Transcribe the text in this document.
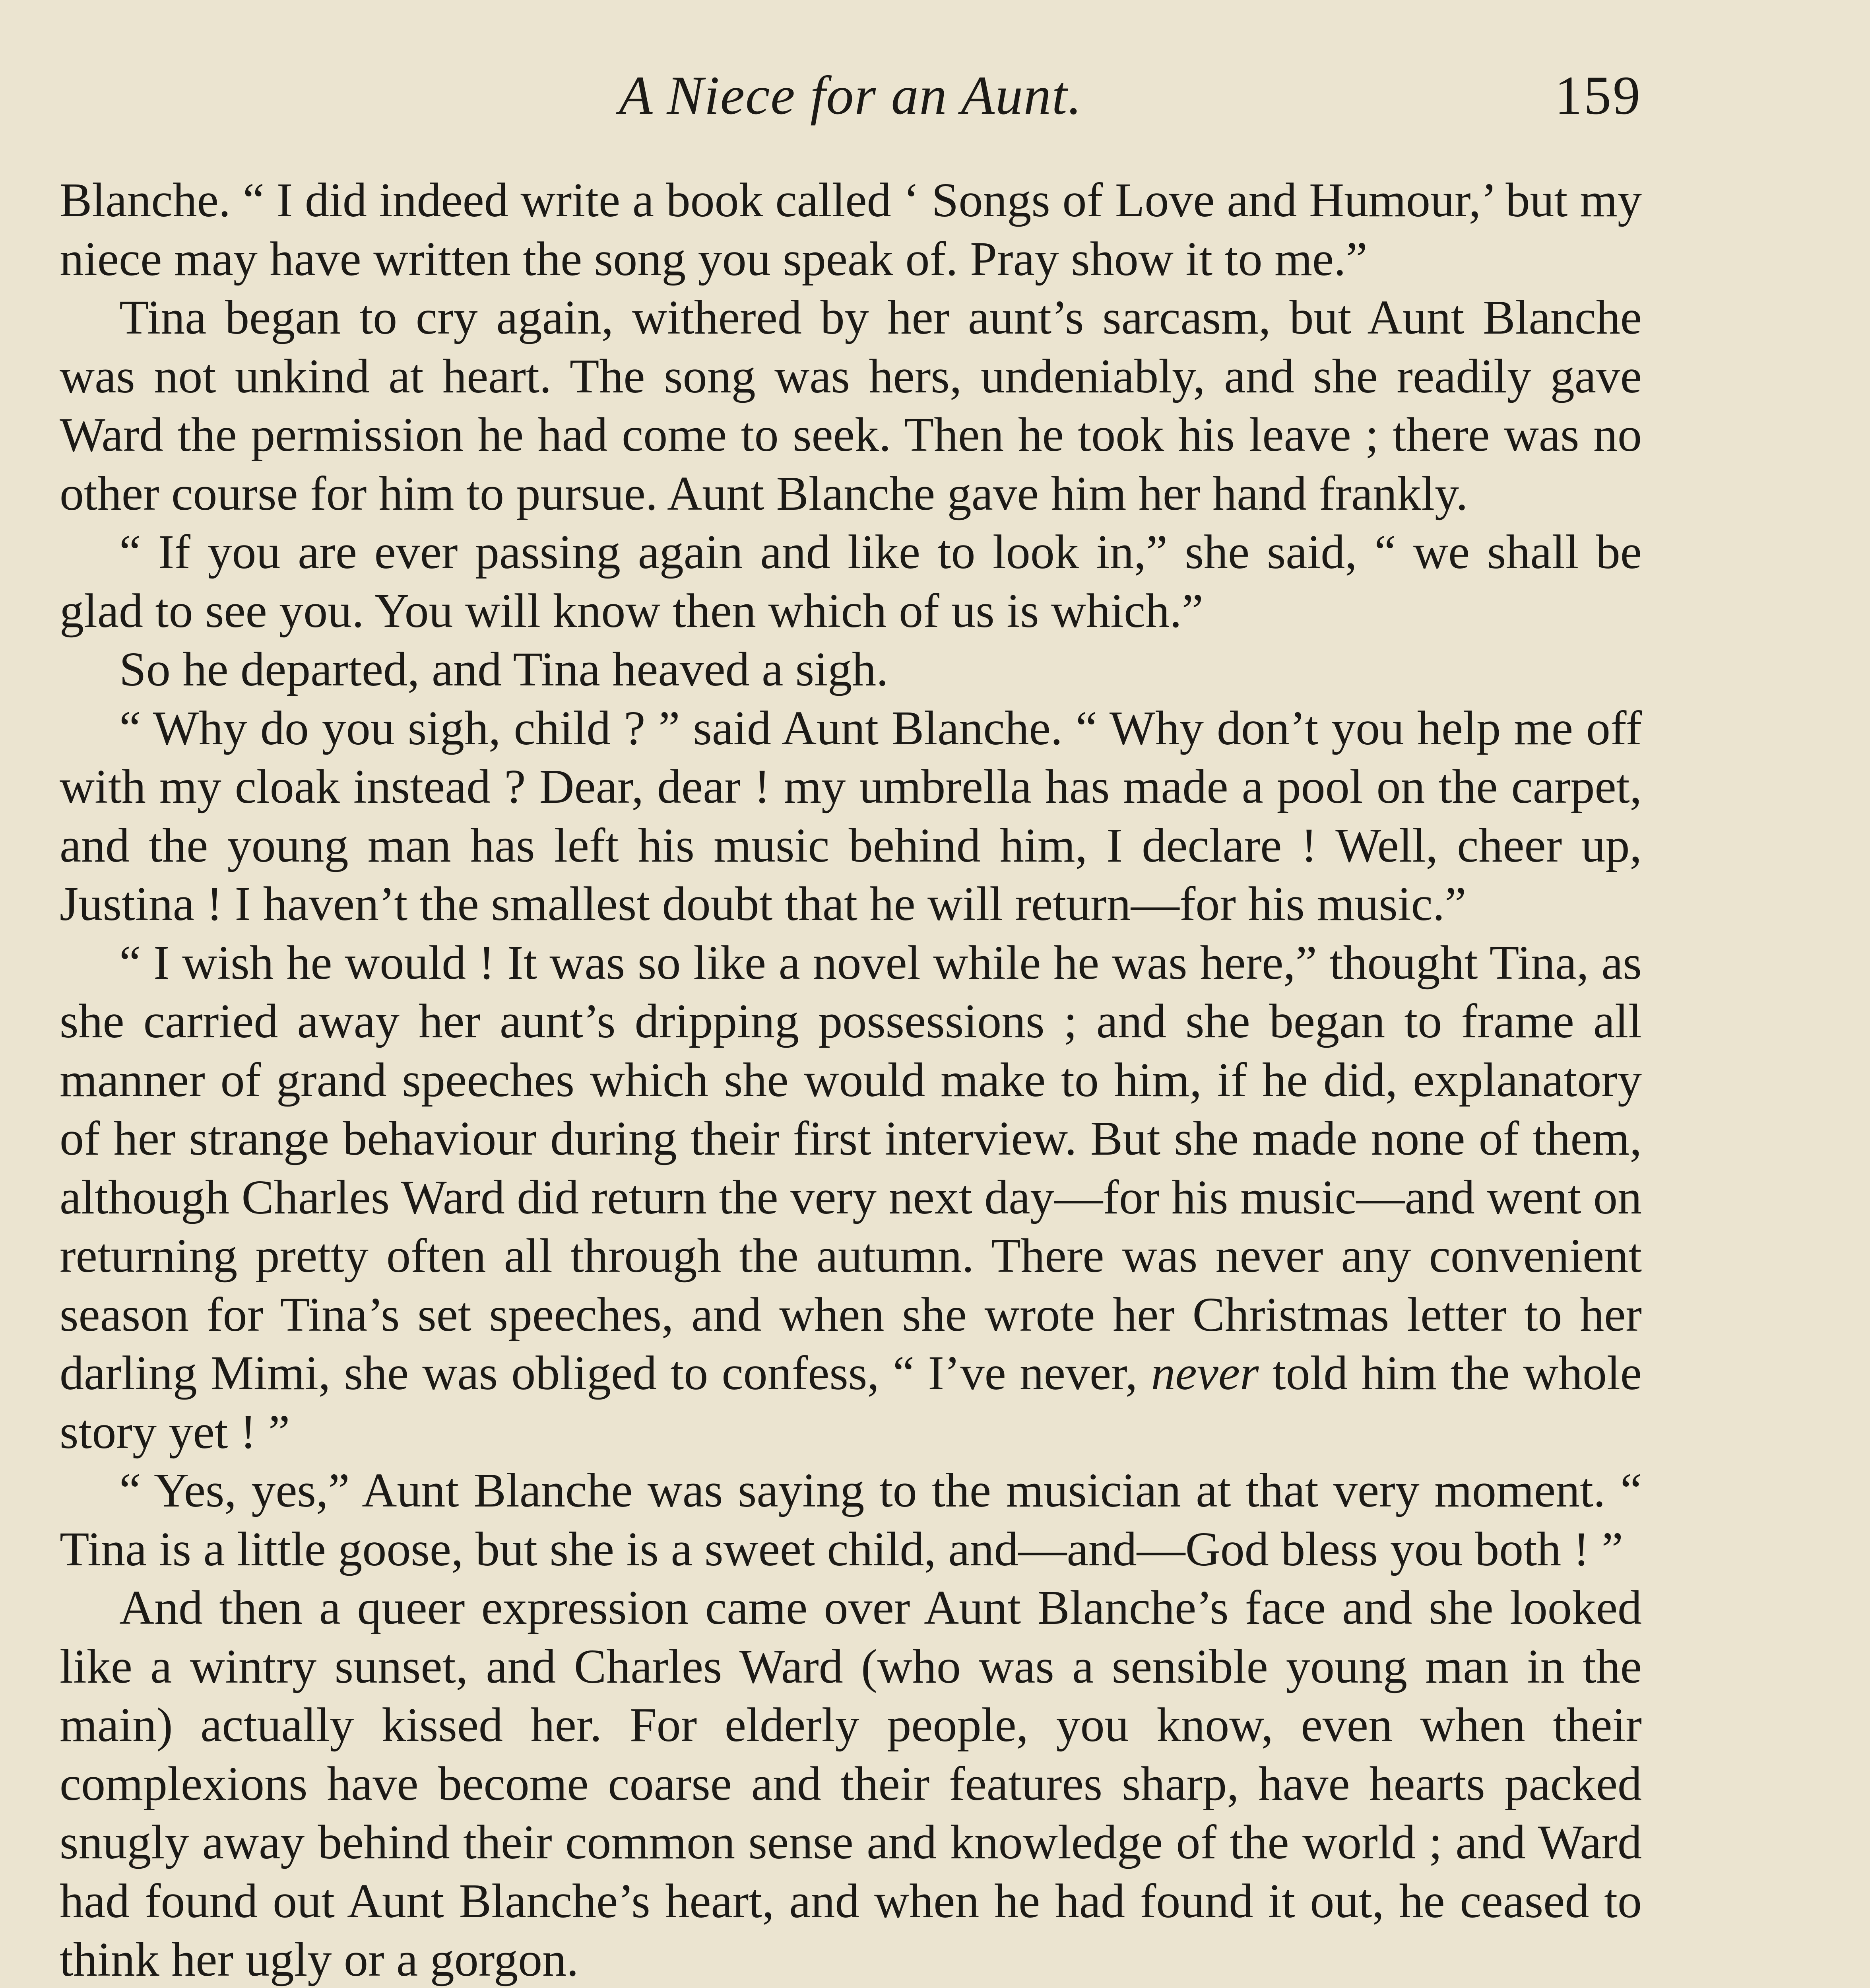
A Niece for an Aunt.	159

Blanche. “ I did indeed write a book called ‘ Songs of Love and Humour,’ but my niece may have written the song you speak of. Pray show it to me.”

Tina began to cry again, withered by her aunt’s sarcasm, but Aunt Blanche was not unkind at heart. The song was hers, undeniably, and she readily gave Ward the permission he had come to seek. Then he took his leave ; there was no other course for him to pursue. Aunt Blanche gave him her hand frankly.

“ If you are ever passing again and like to look in,” she said, “ we shall be glad to see you. You will know then which of us is which.”

So he departed, and Tina heaved a sigh.

“ Why do you sigh, child ? ” said Aunt Blanche. “ Why don’t you help me off with my cloak instead ? Dear, dear ! my umbrella has made a pool on the carpet, and the young man has left his music behind him, I declare ! Well, cheer up, Justina ! I haven’t the smallest doubt that he will return—for his music.”

“ I wish he would ! It was so like a novel while he was here,” thought Tina, as she carried away her aunt’s dripping possessions ; and she began to frame all manner of grand speeches which she would make to him, if he did, explanatory of her strange behaviour during their first interview. But she made none of them, although Charles Ward did return the very next day—for his music—and went on returning pretty often all through the autumn. There was never any convenient season for Tina’s set speeches, and when she wrote her Christmas letter to her darling Mimi, she was obliged to confess, “ I’ve never, never told him the whole story yet ! ”

“ Yes, yes,” Aunt Blanche was saying to the musician at that very moment. “ Tina is a little goose, but she is a sweet child, and—and—God bless you both ! ”

And then a queer expression came over Aunt Blanche’s face and she looked like a wintry sunset, and Charles Ward (who was a sensible young man in the main) actually kissed her. For elderly people, you know, even when their complexions have become coarse and their features sharp, have hearts packed snugly away behind their common sense and knowledge of the world ; and Ward had found out Aunt Blanche’s heart, and when he had found it out, he ceased to think her ugly or a gorgon.
